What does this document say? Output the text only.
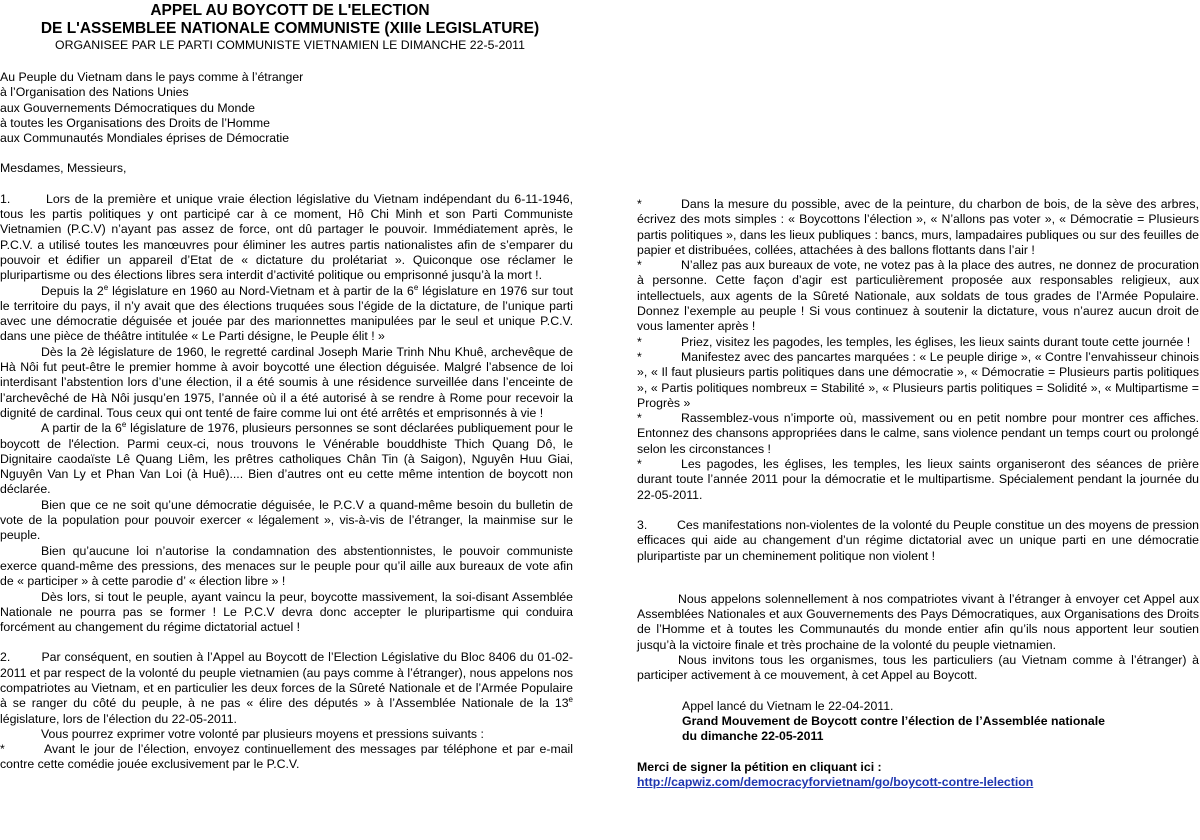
APPEL AU BOYCOTT DE L'ELECTION
DE L'ASSEMBLEE NATIONALE COMMUNISTE (XIIIe LEGISLATURE)
ORGANISEE PAR LE PARTI COMMUNISTE VIETNAMIEN LE DIMANCHE 22-5-2011
Au Peuple du Vietnam dans le pays comme à l’étranger
à l’Organisation des Nations Unies
aux Gouvernements Démocratiques du Monde
à toutes les Organisations des Droits de l’Homme
aux Communautés Mondiales éprises de Démocratie
Mesdames, Messieurs,

1.	Lors de la première et unique vraie élection législative du Vietnam indépendant du 6-11-1946, tous les partis politiques y ont participé car à ce moment, Hô Chi Minh et son Parti Communiste Vietnamien (P.C.V) n’ayant pas assez de force, ont dû partager le pouvoir. Immédiatement après, le P.C.V. a utilisé toutes les manœuvres pour éliminer les autres partis nationalistes afin de s’emparer du pouvoir et édifier un appareil d’Etat de « dictature du prolétariat ». Quiconque ose réclamer le pluripartisme ou des élections libres sera interdit d’activité politique ou emprisonné jusqu’à la mort !.

Depuis la 2e législature en 1960 au Nord-Vietnam et à partir de la 6e législature en 1976 sur tout le territoire du pays, il n’y avait que des élections truquées sous l’égide de la dictature, de l’unique parti avec une démocratie déguisée et jouée par des marionnettes manipulées par le seul et unique P.C.V. dans une pièce de théâtre intitulée « Le Parti désigne, le Peuple élit ! »

Dès la 2è législature de 1960, le regretté cardinal Joseph Marie Trinh Nhu Khuê, archevêque de Hà Nôi fut peut-être le premier homme à avoir boycotté une élection déguisée. Malgré l’absence de loi interdisant l’abstention lors d’une élection, il a été soumis à une résidence surveillée dans l’enceinte de l’archevêché de Hà Nôi jusqu’en 1975, l’année où il a été autorisé à se rendre à Rome pour recevoir la dignité de cardinal. Tous ceux qui ont tenté de faire comme lui ont été arrêtés et emprisonnés à vie !

A partir de la 6e législature de 1976, plusieurs personnes se sont déclarées publiquement pour le boycott de l'élection. Parmi ceux-ci, nous trouvons le Vénérable bouddhiste Thich Quang Dô, le Dignitaire caodaïste Lê Quang Liêm, les prêtres catholiques Chân Tin (à Saigon), Nguyên Huu Giai, Nguyên Van Ly et Phan Van Loi (à Huê).... Bien d’autres ont eu cette même intention de boycott non déclarée.

Bien que ce ne soit qu’une démocratie déguisée, le P.C.V a quand-même besoin du bulletin de vote de la population pour pouvoir exercer « légalement », vis-à-vis de l’étranger, la mainmise sur le peuple.

Bien qu’aucune loi n’autorise la condamnation des abstentionnistes, le pouvoir communiste exerce quand-même des pressions, des menaces sur le peuple pour qu’il aille aux bureaux de vote afin de « participer » à cette parodie d’ « élection libre » !

Dès lors, si tout le peuple, ayant vaincu la peur, boycotte massivement, la soi-disant Assemblée Nationale ne pourra pas se former ! Le P.C.V devra donc accepter le pluripartisme qui conduira forcément au changement du régime dictatorial actuel !

2.	Par conséquent, en soutien à l’Appel au Boycott de l’Election Législative du Bloc 8406 du 01-02-2011 et par respect de la volonté du peuple vietnamien (au pays comme à l’étranger), nous appelons nos compatriotes au Vietnam, et en particulier les deux forces de la Sûreté Nationale et de l’Armée Populaire à se ranger du côté du peuple, à ne pas « élire des députés » à l’Assemblée Nationale de la 13e législature, lors de l’élection du 22-05-2011.

Vous pourrez exprimer votre volonté par plusieurs moyens et pressions suivants :

*	Avant le jour de l’élection, envoyez continuellement des messages par téléphone et par e-mail contre cette comédie jouée exclusivement par le P.C.V.

*	Dans la mesure du possible, avec de la peinture, du charbon de bois, de la sève des arbres, écrivez des mots simples : « Boycottons l’élection », « N’allons pas voter », « Démocratie = Plusieurs partis politiques », dans les lieux publiques : bancs, murs, lampadaires publiques ou sur des feuilles de papier et distribuées, collées, attachées à des ballons flottants dans l’air !

*	N’allez pas aux bureaux de vote, ne votez pas à la place des autres, ne donnez de procuration à personne. Cette façon d’agir est particulièrement proposée aux responsables religieux, aux intellectuels, aux agents de la Sûreté Nationale, aux soldats de tous grades de l’Armée Populaire. Donnez l’exemple au peuple ! Si vous continuez à soutenir la dictature, vous n’aurez aucun droit de vous lamenter après !

*	Priez, visitez les pagodes, les temples, les églises, les lieux saints durant toute cette journée !

*	Manifestez avec des pancartes marquées : « Le peuple dirige », « Contre l’envahisseur chinois », « Il faut plusieurs partis politiques dans une démocratie », « Démocratie = Plusieurs partis politiques », « Partis politiques nombreux = Stabilité », « Plusieurs partis politiques = Solidité », « Multipartisme = Progrès »

*	Rassemblez-vous n’importe où, massivement ou en petit nombre pour montrer ces affiches. Entonnez des chansons appropriées dans le calme, sans violence pendant un temps court ou prolongé selon les circonstances !

*	Les pagodes, les églises, les temples, les lieux saints organiseront des séances de prière durant toute l’année 2011 pour la démocratie et le multipartisme. Spécialement pendant la journée du 22-05-2011.

3. Ces manifestations non-violentes de la volonté du Peuple constitue un des moyens de pression efficaces qui aide au changement d’un régime dictatorial avec un unique parti en une démocratie pluripartiste par un cheminement politique non violent !

Nous appelons solennellement à nos compatriotes vivant à l’étranger à envoyer cet Appel aux Assemblées Nationales et aux Gouvernements des Pays Démocratiques, aux Organisations des Droits de l’Homme et à toutes les Communautés du monde entier afin qu’ils nous apportent leur soutien jusqu’à la victoire finale et très prochaine de la volonté du peuple vietnamien.

Nous invitons tous les organismes, tous les particuliers (au Vietnam comme à l’étranger) à participer activement à ce mouvement, à cet Appel au Boycott.

Appel lancé du Vietnam le 22-04-2011.
Grand Mouvement de Boycott contre l’élection de l’Assemblée nationale
du dimanche 22-05-2011
Merci de signer la pétition en cliquant ici :
http://capwiz.com/democracyforvietnam/go/boycott-contre-lelection
